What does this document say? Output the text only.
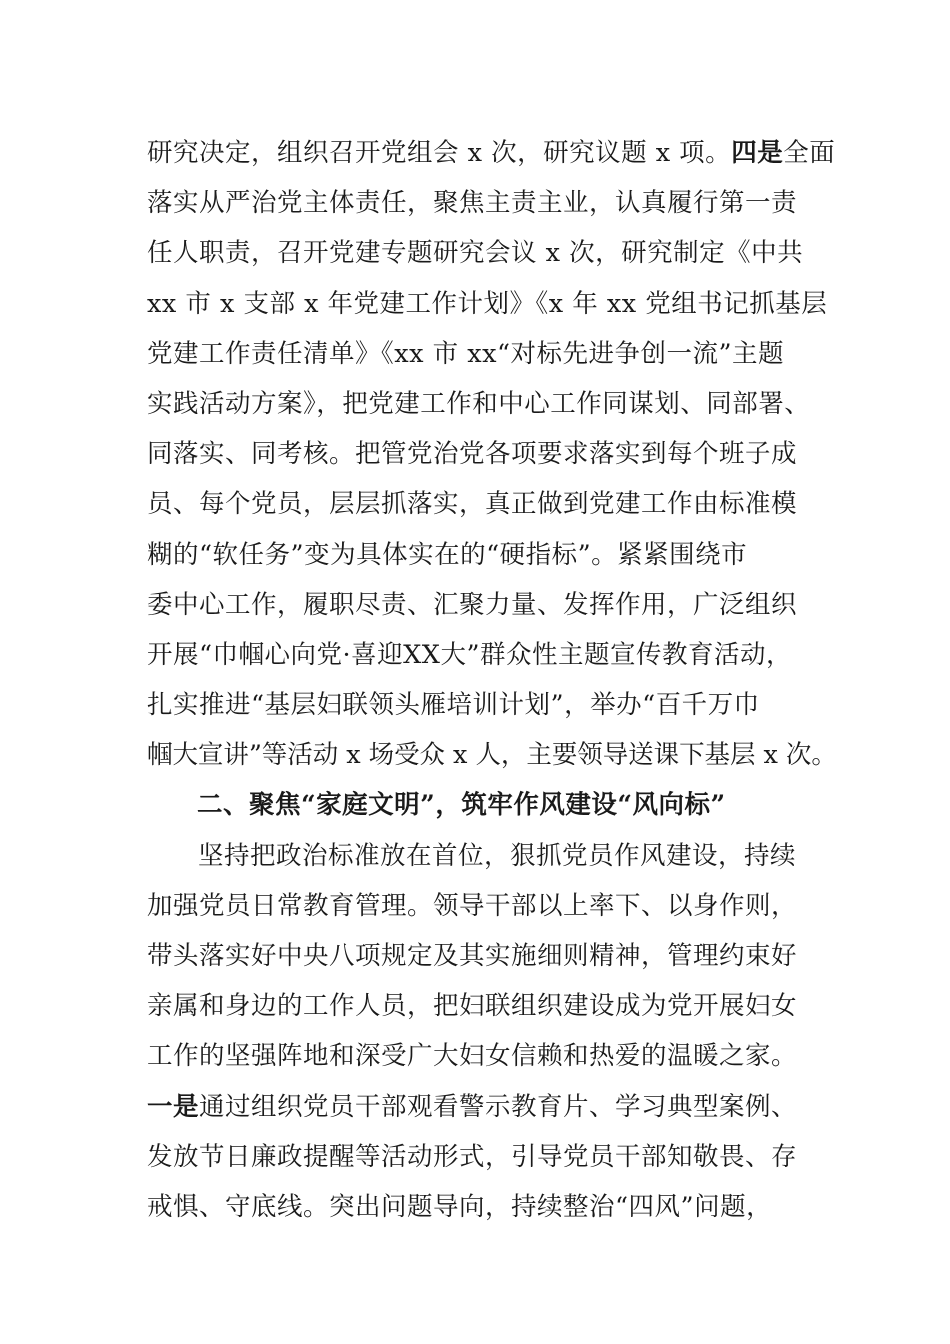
研究决定，组织召开党组会 x 次，研究议题 x 项。四是全面
落实从严治党主体责任，聚焦主责主业，认真履行第一责
任人职责，召开党建专题研究会议 x 次，研究制定《中共
xx 市 x 支部 x 年党建工作计划》《x 年 xx 党组书记抓基层
党建工作责任清单》《xx 市 xx“对标先进争创一流”主题
实践活动方案》，把党建工作和中心工作同谋划、同部署、
同落实、同考核。把管党治党各项要求落实到每个班子成
员、每个党员，层层抓落实，真正做到党建工作由标准模
糊的“软任务”变为具体实在的“硬指标”。紧紧围绕市
委中心工作，履职尽责、汇聚力量、发挥作用，广泛组织
开展“巾帼心向党·喜迎XX大”群众性主题宣传教育活动，
扎实推进“基层妇联领头雁培训计划”，举办“百千万巾
帼大宣讲”等活动 x 场受众 x 人，主要领导送课下基层 x 次。
二、聚焦“家庭文明”，筑牢作风建设“风向标”
坚持把政治标准放在首位，狠抓党员作风建设，持续
加强党员日常教育管理。领导干部以上率下、以身作则，
带头落实好中央八项规定及其实施细则精神，管理约束好
亲属和身边的工作人员，把妇联组织建设成为党开展妇女
工作的坚强阵地和深受广大妇女信赖和热爱的温暖之家。
一是通过组织党员干部观看警示教育片、学习典型案例、
发放节日廉政提醒等活动形式，引导党员干部知敬畏、存
戒惧、守底线。突出问题导向，持续整治“四风”问题，
